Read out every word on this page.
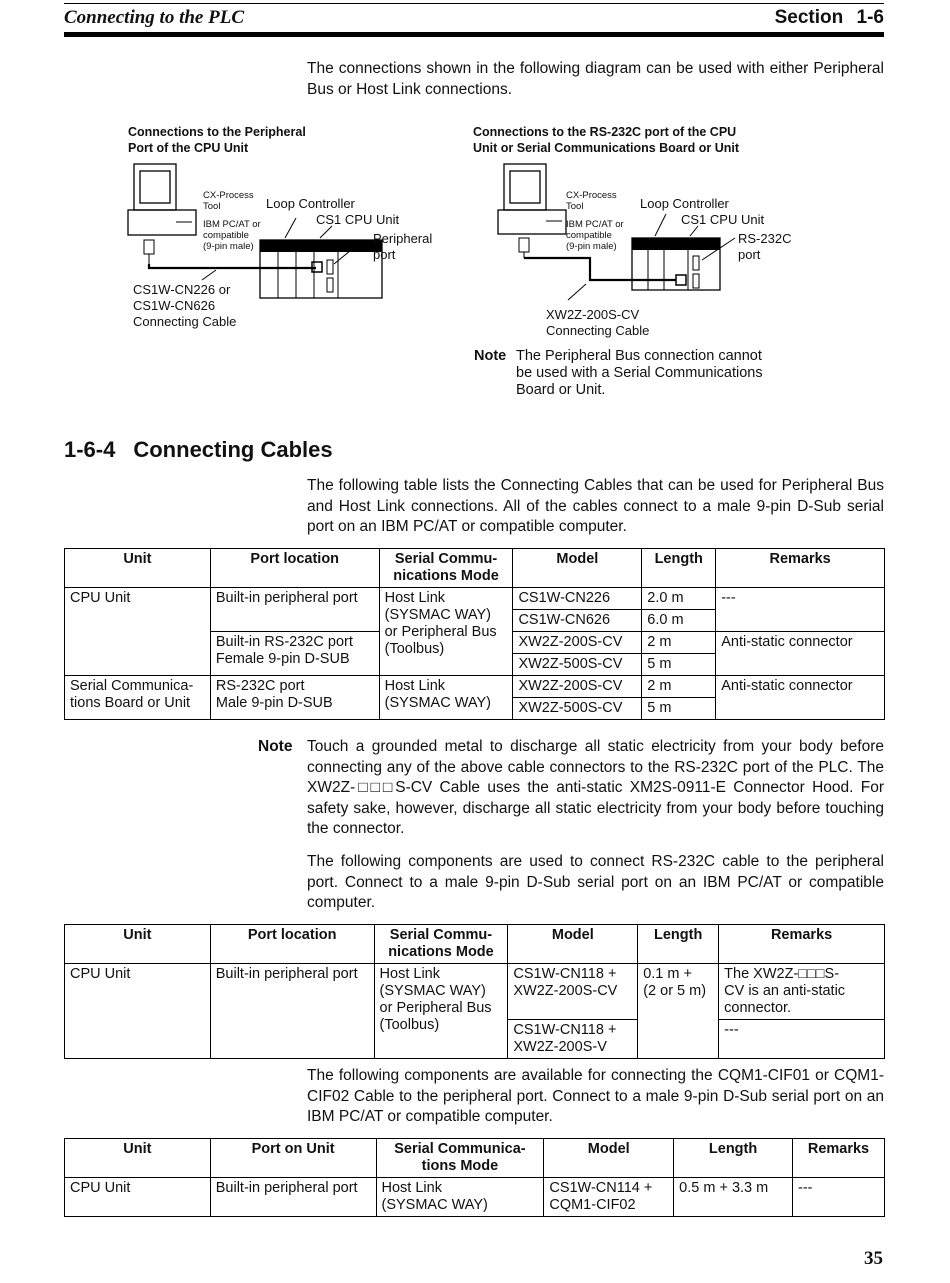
Connecting to the PLC	Section 1-6
The connections shown in the following diagram can be used with either Peripheral Bus or Host Link connections.
Connections to the Peripheral
Port of the CPU Unit
CX-Process
Tool
IBM PC/AT or
compatible
(9-pin male)
Loop Controller
CS1 CPU Unit
Peripheral
port
CS1W-CN226 or
CS1W-CN626
Connecting Cable
Connections to the RS-232C port of the CPU
Unit or Serial Communications Board or Unit
CX-Process
Tool
IBM PC/AT or
compatible
(9-pin male)
Loop Controller
CS1 CPU Unit
RS-232C
port
XW2Z-200S-CV
Connecting Cable
Note The Peripheral Bus connection cannot
be used with a Serial Communications
Board or Unit.
1-6-4 Connecting Cables
The following table lists the Connecting Cables that can be used for Peripheral Bus and Host Link connections. All of the cables connect to a male 9-pin D-Sub serial port on an IBM PC/AT or compatible computer.
Unit	Port location	Serial Commu-
nications Mode	Model	Length	Remarks
CPU Unit	Built-in peripheral port	Host Link
(SYSMAC WAY)
or Peripheral Bus
(Toolbus)	CS1W-CN226	2.0 m	---
			CS1W-CN626	6.0 m	
	Built-in RS-232C port
Female 9-pin D-SUB		XW2Z-200S-CV	2 m	Anti-static connector
			XW2Z-500S-CV	5 m	
Serial Communica-
tions Board or Unit	RS-232C port
Male 9-pin D-SUB	Host Link
(SYSMAC WAY)	XW2Z-200S-CV	2 m	Anti-static connector
			XW2Z-500S-CV	5 m	
Note Touch a grounded metal to discharge all static electricity from your body before connecting any of the above cable connectors to the RS-232C port of the PLC. The XW2Z-□□□S-CV Cable uses the anti-static XM2S-0911-E Connector Hood. For safety sake, however, discharge all static electricity from your body before touching the connector.
The following components are used to connect RS-232C cable to the peripheral port. Connect to a male 9-pin D-Sub serial port on an IBM PC/AT or compatible computer.
Unit	Port location	Serial Commu-
nications Mode	Model	Length	Remarks
CPU Unit	Built-in peripheral port	Host Link
(SYSMAC WAY)
or Peripheral Bus
(Toolbus)	CS1W-CN118 +
XW2Z-200S-CV	0.1 m +
(2 or 5 m)	The XW2Z-□□□S-
CV is an anti-static
connector.
			CS1W-CN118 +
XW2Z-200S-V		---
The following components are available for connecting the CQM1-CIF01 or CQM1-CIF02 Cable to the peripheral port. Connect to a male 9-pin D-Sub serial port on an IBM PC/AT or compatible computer.
Unit	Port on Unit	Serial Communica-
tions Mode	Model	Length	Remarks
CPU Unit	Built-in peripheral port	Host Link
(SYSMAC WAY)	CS1W-CN114 +
CQM1-CIF02	0.5 m + 3.3 m	---
35
